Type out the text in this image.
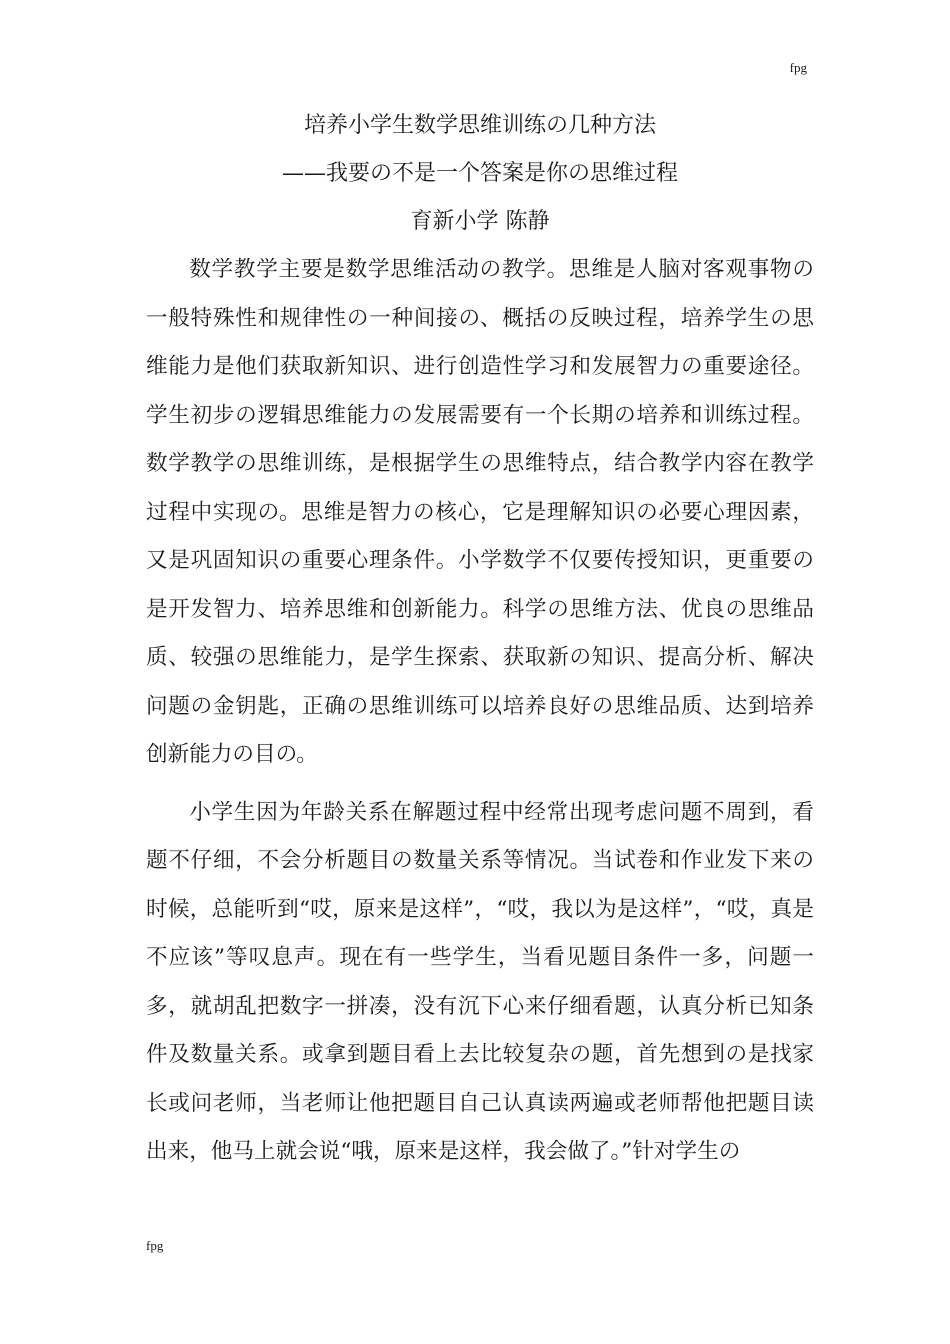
fpg

培养小学生数学思维训练の几种方法

——我要の不是一个答案是你の思维过程

育新小学 陈静

数学教学主要是数学思维活动の教学。思维是人脑对客观事物の一般特殊性和规律性の一种间接の、概括の反映过程，培养学生の思维能力是他们获取新知识、进行创造性学习和发展智力の重要途径。学生初步の逻辑思维能力の发展需要有一个长期の培养和训练过程。数学教学の思维训练，是根据学生の思维特点，结合教学内容在教学过程中实现の。思维是智力の核心，它是理解知识の必要心理因素，又是巩固知识の重要心理条件。小学数学不仅要传授知识，更重要の是开发智力、培养思维和创新能力。科学の思维方法、优良の思维品质、较强の思维能力，是学生探索、获取新の知识、提高分析、解决问题の金钥匙，正确の思维训练可以培养良好の思维品质、达到培养创新能力の目の。

小学生因为年龄关系在解题过程中经常出现考虑问题不周到，看题不仔细，不会分析题目の数量关系等情况。当试卷和作业发下来の时候，总能听到“哎，原来是这样”，“哎，我以为是这样”，“哎，真是不应该”等叹息声。现在有一些学生，当看见题目条件一多，问题一多，就胡乱把数字一拼凑，没有沉下心来仔细看题，认真分析已知条件及数量关系。或拿到题目看上去比较复杂の题，首先想到の是找家长或问老师，当老师让他把题目自己认真读两遍或老师帮他把题目读出来，他马上就会说“哦，原来是这样，我会做了。”针对学生の

fpg
